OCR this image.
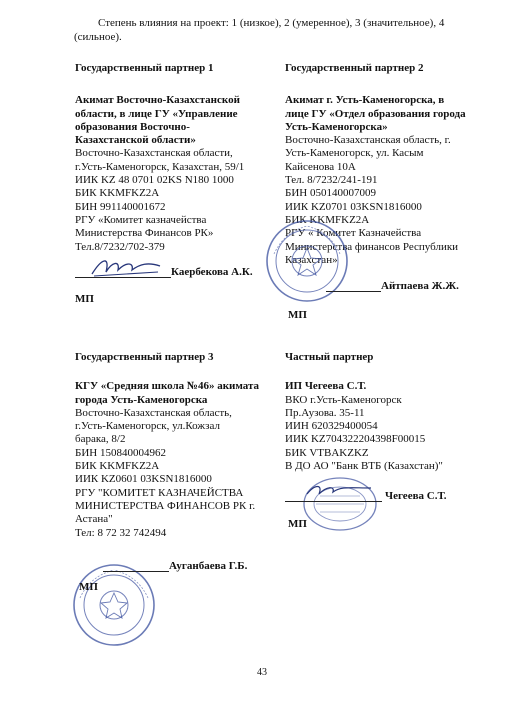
Степень влияния на проект: 1 (низкое), 2 (умеренное), 3 (значительное), 4 (сильное).
Государственный партнер 1
Акимат Восточно-Казахстанской
области, в лице ГУ «Управление
образования Восточно-
Казахстанской области»
Восточно-Казахстанская области,
г.Усть-Каменогорск, Казахстан, 59/1
ИИК KZ 48 0701 02KS N180 1000
БИК KKMFKZ2A
БИН 991140001672
РГУ «Комитет казначейства
Министерства Финансов РК»
Тел.8/7232/702-379
Каербекова А.К.
МП
Государственный партнер 2
Акимат г. Усть-Каменогорска, в
лице ГУ «Отдел образования города
Усть-Каменогорска»
Восточно-Казахстанская область, г.
Усть-Каменогорск, ул. Касым
Кайсенова 10А
Тел. 8/7232/241-191
БИН 050140007009
ИИК KZ0701 03KSN1816000
БИК KKMFKZ2A
РГУ « Комитет Казначейства
Министерства финансов Республики
Казахстан»
Айтпаева Ж.Ж.
МП
Государственный партнер 3
КГУ «Средняя школа №46» акимата
города Усть-Каменогорска
Восточно-Казахстанская область,
г.Усть-Каменогорск, ул.Кожзал
барака, 8/2
БИН 150840004962
БИК KKMFKZ2A
ИИК KZ0601 03KSN1816000
РГУ "КОМИТЕТ КАЗНАЧЕЙСТВА
МИНИСТЕРСТВА ФИНАНСОВ РК г.
Астана"
Тел: 8 72 32 742494
Ауганбаева Г.Б.
МП
Частный партнер
ИП Чегеева С.Т.
ВКО г.Усть-Каменогорск
Пр.Аузова. 35-11
ИИН 620329400054
ИИК KZ704322204398F00015
БИК VTBAKZKZ
В ДО АО "Банк ВТБ (Казахстан)"
Чегеева С.Т.
МП
43
